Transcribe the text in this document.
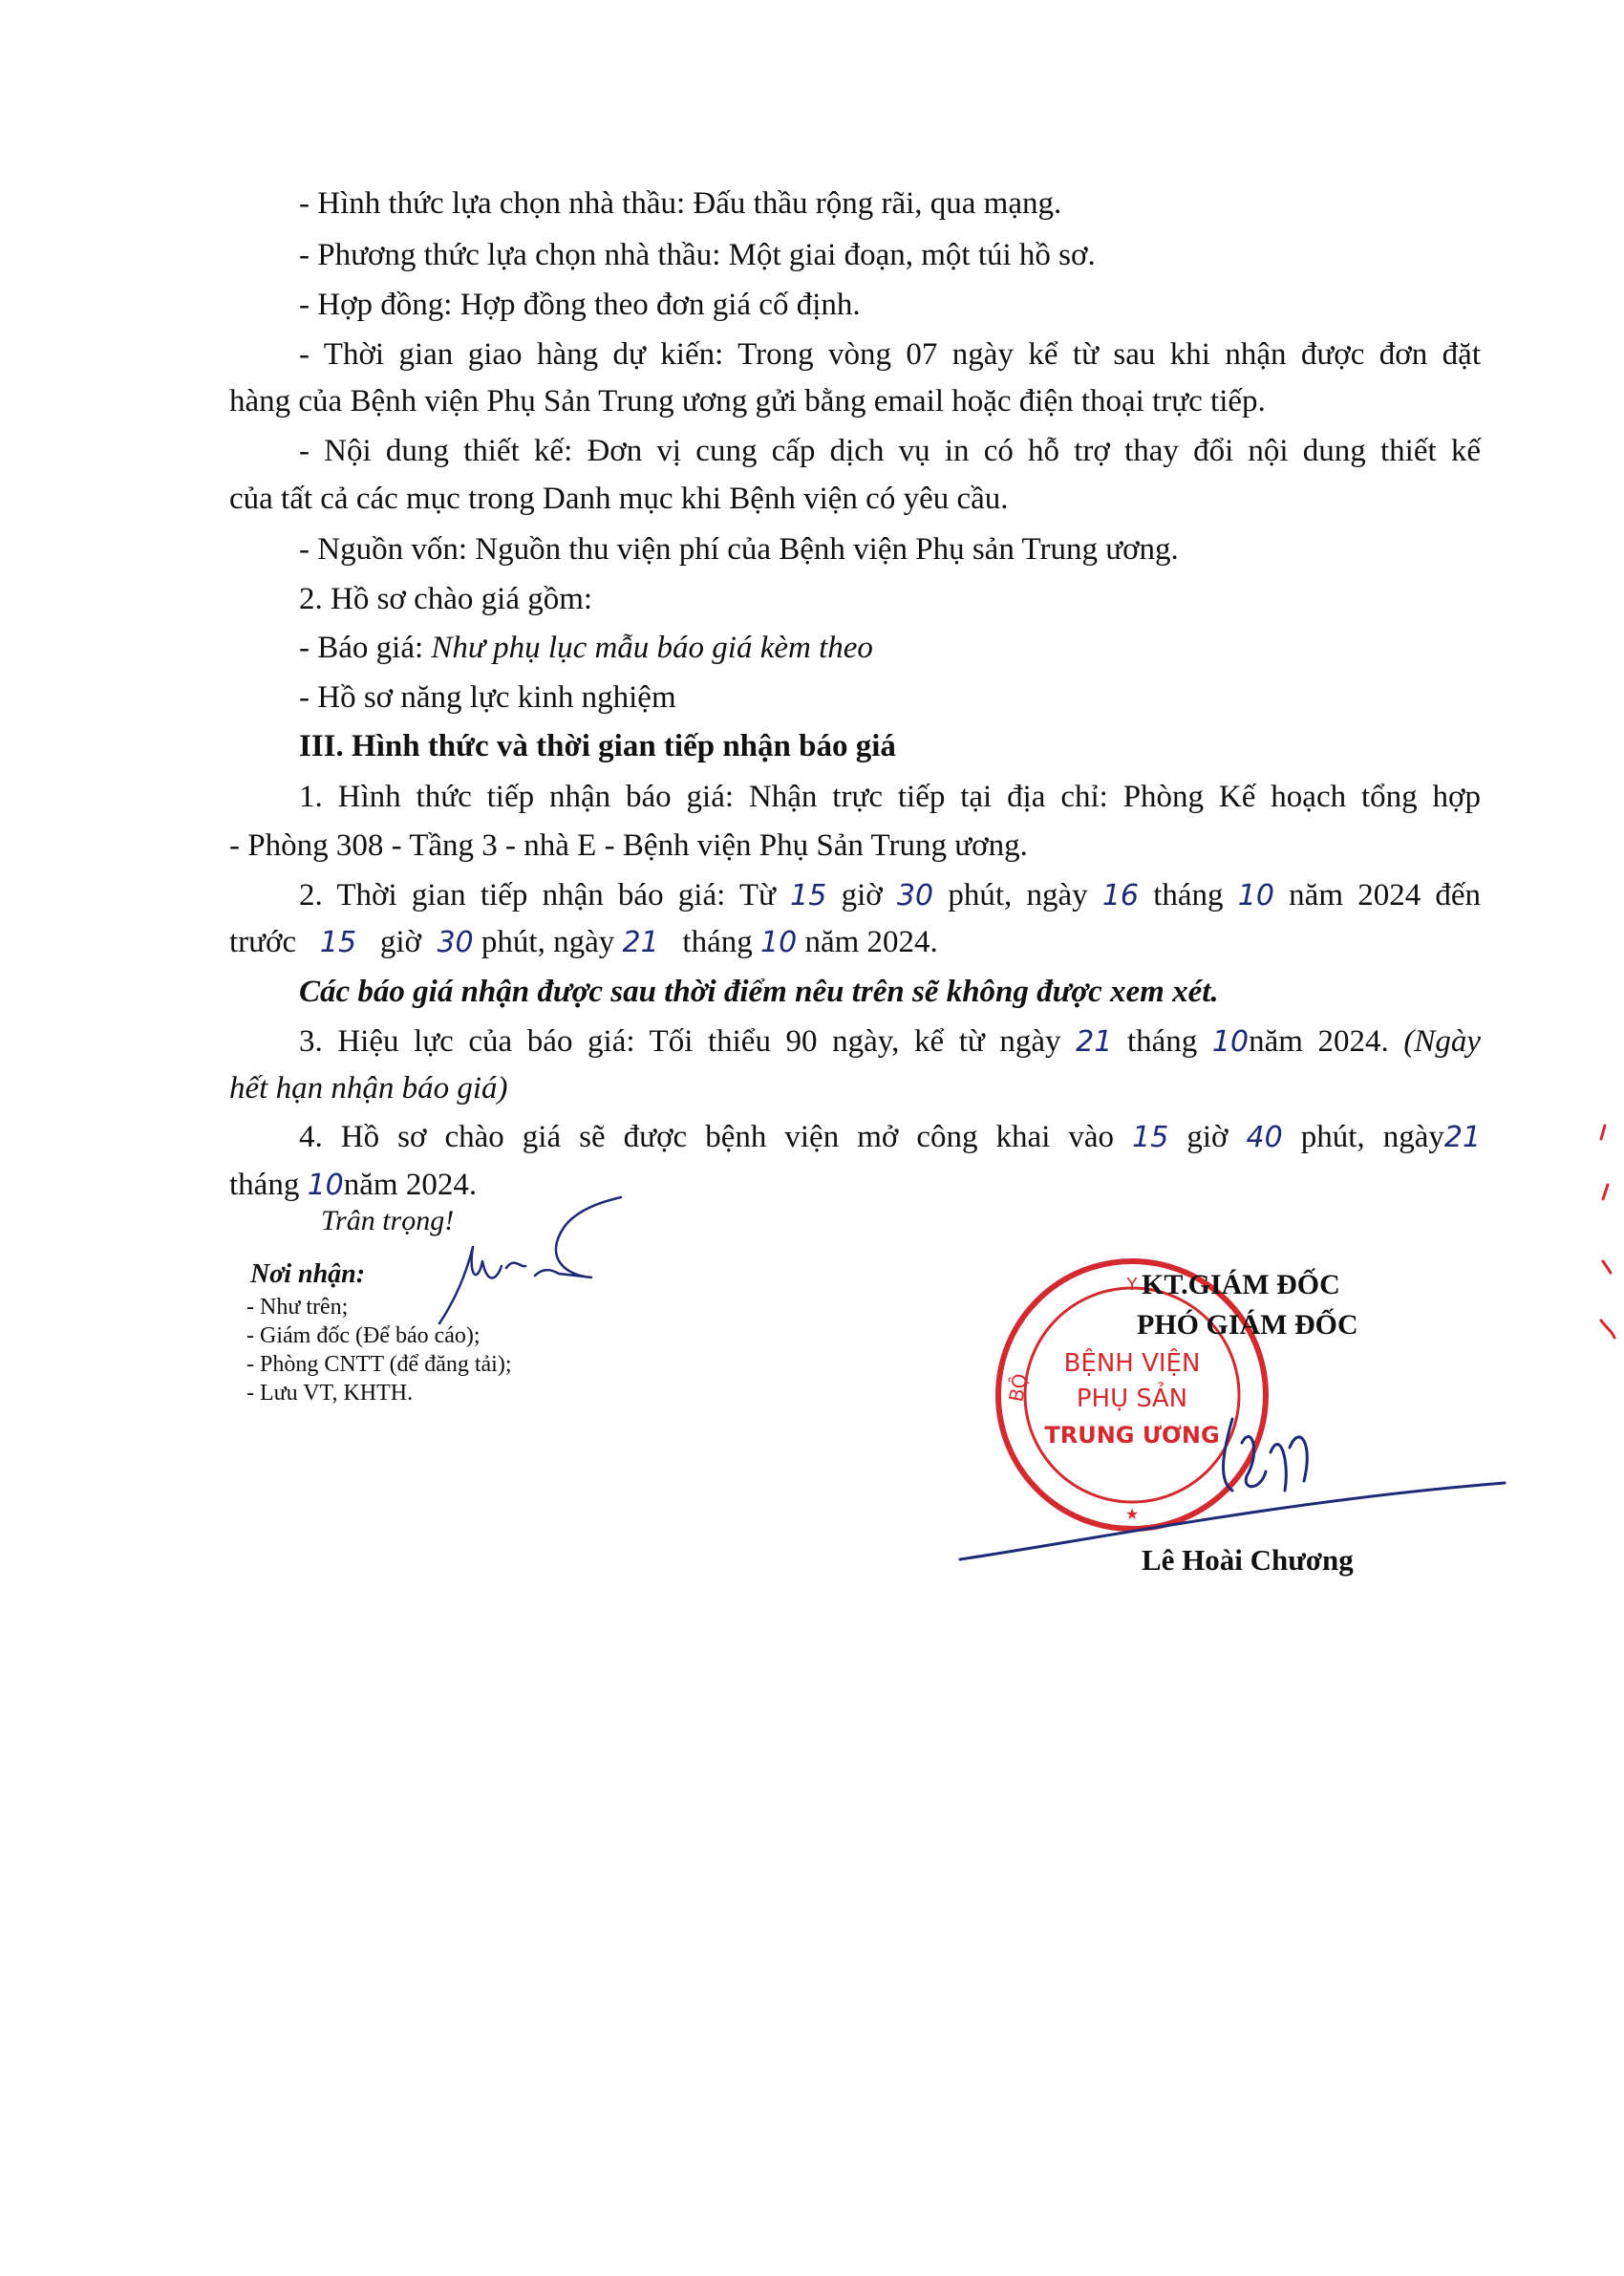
- Hình thức lựa chọn nhà thầu: Đấu thầu rộng rãi, qua mạng.
- Phương thức lựa chọn nhà thầu: Một giai đoạn, một túi hồ sơ.
- Hợp đồng: Hợp đồng theo đơn giá cố định.
- Thời gian giao hàng dự kiến: Trong vòng 07 ngày kể từ sau khi nhận được đơn đặt
hàng của Bệnh viện Phụ Sản Trung ương gửi bằng email hoặc điện thoại trực tiếp.
- Nội dung thiết kế: Đơn vị cung cấp dịch vụ in có hỗ trợ thay đổi nội dung thiết kế
của tất cả các mục trong Danh mục khi Bệnh viện có yêu cầu.
- Nguồn vốn: Nguồn thu viện phí của Bệnh viện Phụ sản Trung ương.
2. Hồ sơ chào giá gồm:
- Báo giá: Như phụ lục mẫu báo giá kèm theo
- Hồ sơ năng lực kinh nghiệm
III. Hình thức và thời gian tiếp nhận báo giá
1. Hình thức tiếp nhận báo giá: Nhận trực tiếp tại địa chỉ: Phòng Kế hoạch tổng hợp
- Phòng 308 - Tầng 3 - nhà E - Bệnh viện Phụ Sản Trung ương.
2. Thời gian tiếp nhận báo giá: Từ 15 giờ 30 phút, ngày 16 tháng 10 năm 2024 đến
trước 15 giờ 30 phút, ngày 21 tháng 10 năm 2024.
Các báo giá nhận được sau thời điểm nêu trên sẽ không được xem xét.
3. Hiệu lực của báo giá: Tối thiểu 90 ngày, kể từ ngày 21 tháng 10năm 2024. (Ngày
hết hạn nhận báo giá)
4. Hồ sơ chào giá sẽ được bệnh viện mở công khai vào 15 giờ 40 phút, ngày21
tháng 10năm 2024.
Trân trọng!
Nơi nhận:
- Như trên;
- Giám đốc (Để báo cáo);
- Phòng CNTT (để đăng tải);
- Lưu VT, KHTH.
Y
BỘ
BỆNH VIỆN
PHỤ SẢN
TRUNG ƯƠNG
★
KT.GIÁM ĐỐC
PHÓ GIÁM ĐỐC
Lê Hoài Chương
